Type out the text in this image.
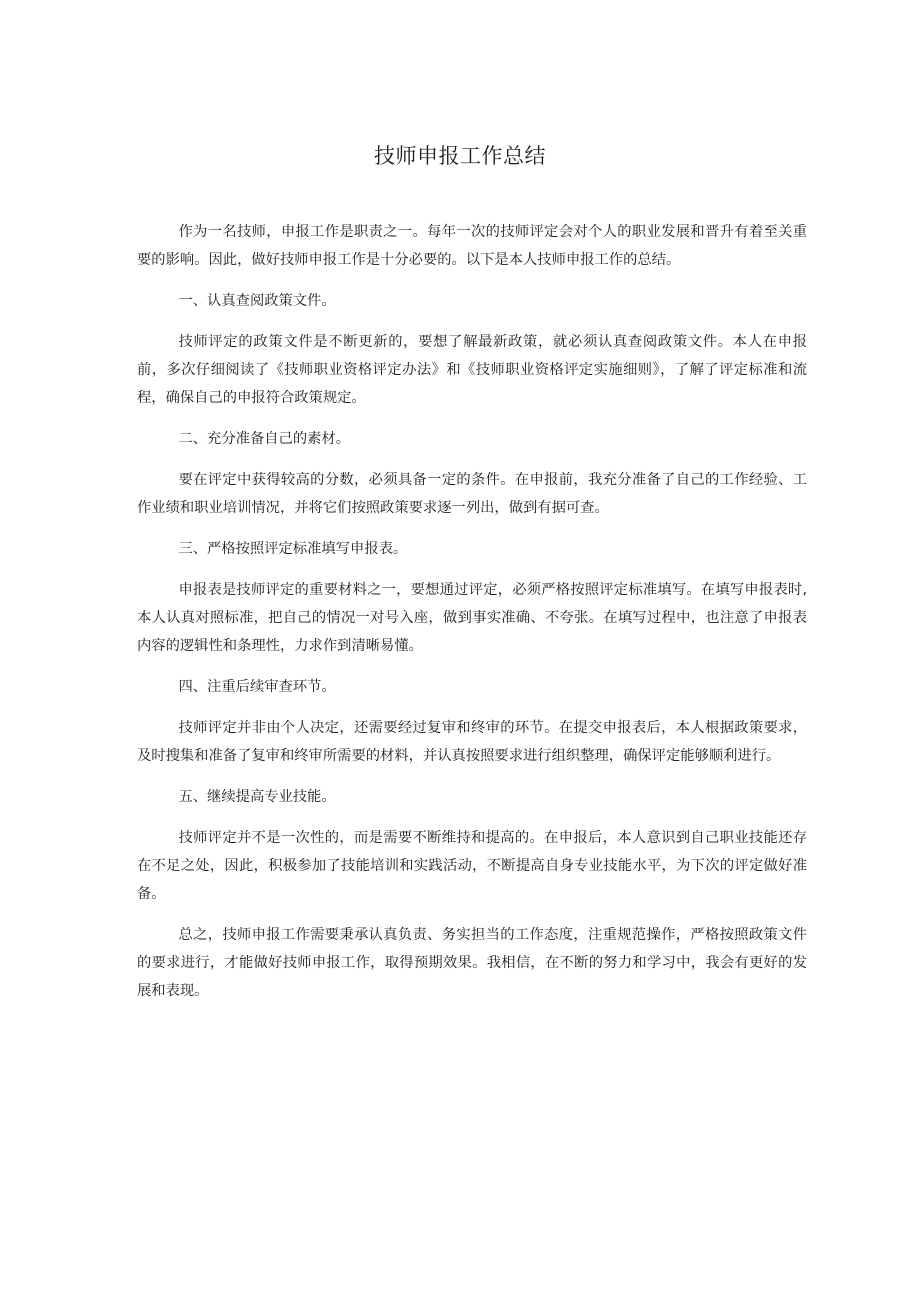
技师申报工作总结

作为一名技师，申报工作是职责之一。每年一次的技师评定会对个人的职业发展和晋升有着至关重要的影响。因此，做好技师申报工作是十分必要的。以下是本人技师申报工作的总结。

一、认真查阅政策文件。

技师评定的政策文件是不断更新的，要想了解最新政策，就必须认真查阅政策文件。本人在申报前，多次仔细阅读了《技师职业资格评定办法》和《技师职业资格评定实施细则》，了解了评定标准和流程，确保自己的申报符合政策规定。

二、充分准备自己的素材。

要在评定中获得较高的分数，必须具备一定的条件。在申报前，我充分准备了自己的工作经验、工作业绩和职业培训情况，并将它们按照政策要求逐一列出，做到有据可查。

三、严格按照评定标准填写申报表。

申报表是技师评定的重要材料之一，要想通过评定，必须严格按照评定标准填写。在填写申报表时,本人认真对照标准，把自己的情况一对号入座，做到事实准确、不夸张。在填写过程中，也注意了申报表内容的逻辑性和条理性，力求作到清晰易懂。

四、注重后续审查环节。

技师评定并非由个人决定，还需要经过复审和终审的环节。在提交申报表后，本人根据政策要求，及时搜集和准备了复审和终审所需要的材料，并认真按照要求进行组织整理，确保评定能够顺利进行。

五、继续提高专业技能。

技师评定并不是一次性的，而是需要不断维持和提高的。在申报后，本人意识到自己职业技能还存在不足之处，因此，积极参加了技能培训和实践活动，不断提高自身专业技能水平，为下次的评定做好准备。

总之，技师申报工作需要秉承认真负责、务实担当的工作态度，注重规范操作，严格按照政策文件的要求进行，才能做好技师申报工作，取得预期效果。我相信，在不断的努力和学习中，我会有更好的发展和表现。
